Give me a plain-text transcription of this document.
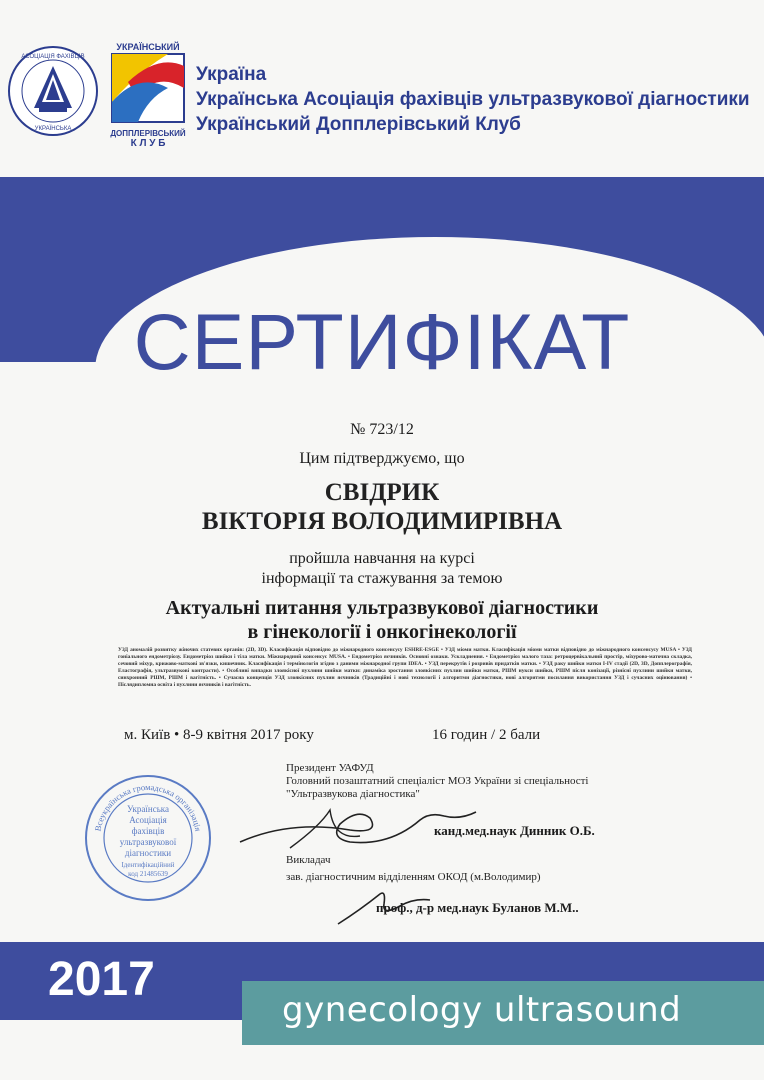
АСОЦІАЦІЯ ФАХІВЦІВ
УКРАЇНСЬКА
УКРАЇНСЬКИЙ
ДОППЛЕРІВСЬКИЙ
К Л У Б
Україна
Українська Асоціація фахівців ультразвукової діагностики
Український Допплерівський Клуб
СЕРТИФІКАТ
№ 723/12
Цим підтверджуємо, що
СВІДРИК
ВІКТОРІЯ ВОЛОДИМИРІВНА
пройшла навчання на курсі
інформації та стажування за темою
Актуальні питання ультразвукової діагностики
в гінекології і онкогінекології
УЗД аномалій розвитку жіночих статевих органів: (2D, 3D). Класифікація відповідно до міжнародного консенсусу ESHRE-ESGE • УЗД міоми матки. Класифікація міоми матки відповідно до міжнародного консенсусу MUSA • УЗД гоніального ендометріозу. Ендометріоз шийки і тіла матки. Міжнародний консенсус MUSA. • Ендометріоз яєчників. Основні ознаки. Ускладнення. • Ендометріоз малого таза: ретроцервікальний простір, міхурово-маточна складка, сечовий міхур, крижово-маткові зв'язки, кишечник. Класифікація і термінологія згідно з даними міжнародної групи IDEA. • УЗД перекрутів і розривів придатків матки. • УЗД раку шийки матки I-IV стадії (2D, 3D, Допплерографія, Еластографія, ультразвукові контрасти). • Особливі випадки злоякісної пухлини шийки матки: динаміка зростання злоякісних пухлин шийки матки, РШМ нукси шийки, РШМ після конізації, різнісні пухлини шийки матки, синхронний РШМ, РШМ і вагітність. • Сучасна концепція УЗД злоякісних пухлин яєчників (Традиційні і нові технології і алгоритми діагностики, нові алгоритми посилання використання УЗД і сучасних оцінювання) • Післядипломна освіта і пухлини яєчників і вагітність.
м. Київ • 8-9 квітня 2017 року	16 годин / 2 бали
Президент УАФУД
Головний позаштатний спеціаліст МОЗ України зі спеціальності
"Ультразвукова діагностика"
канд.мед.наук Динник О.Б.
Викладач
зав. діагностичним відділенням ОКОД (м.Володимир)
проф., д-р мед.наук Буланов М.М..
Всеукраїнська громадська організація
Українська
Асоціація
фахівців
ультразвукової
діагностики
Ідентифікаційний
код 21485639
2017
gynecology ultrasound
